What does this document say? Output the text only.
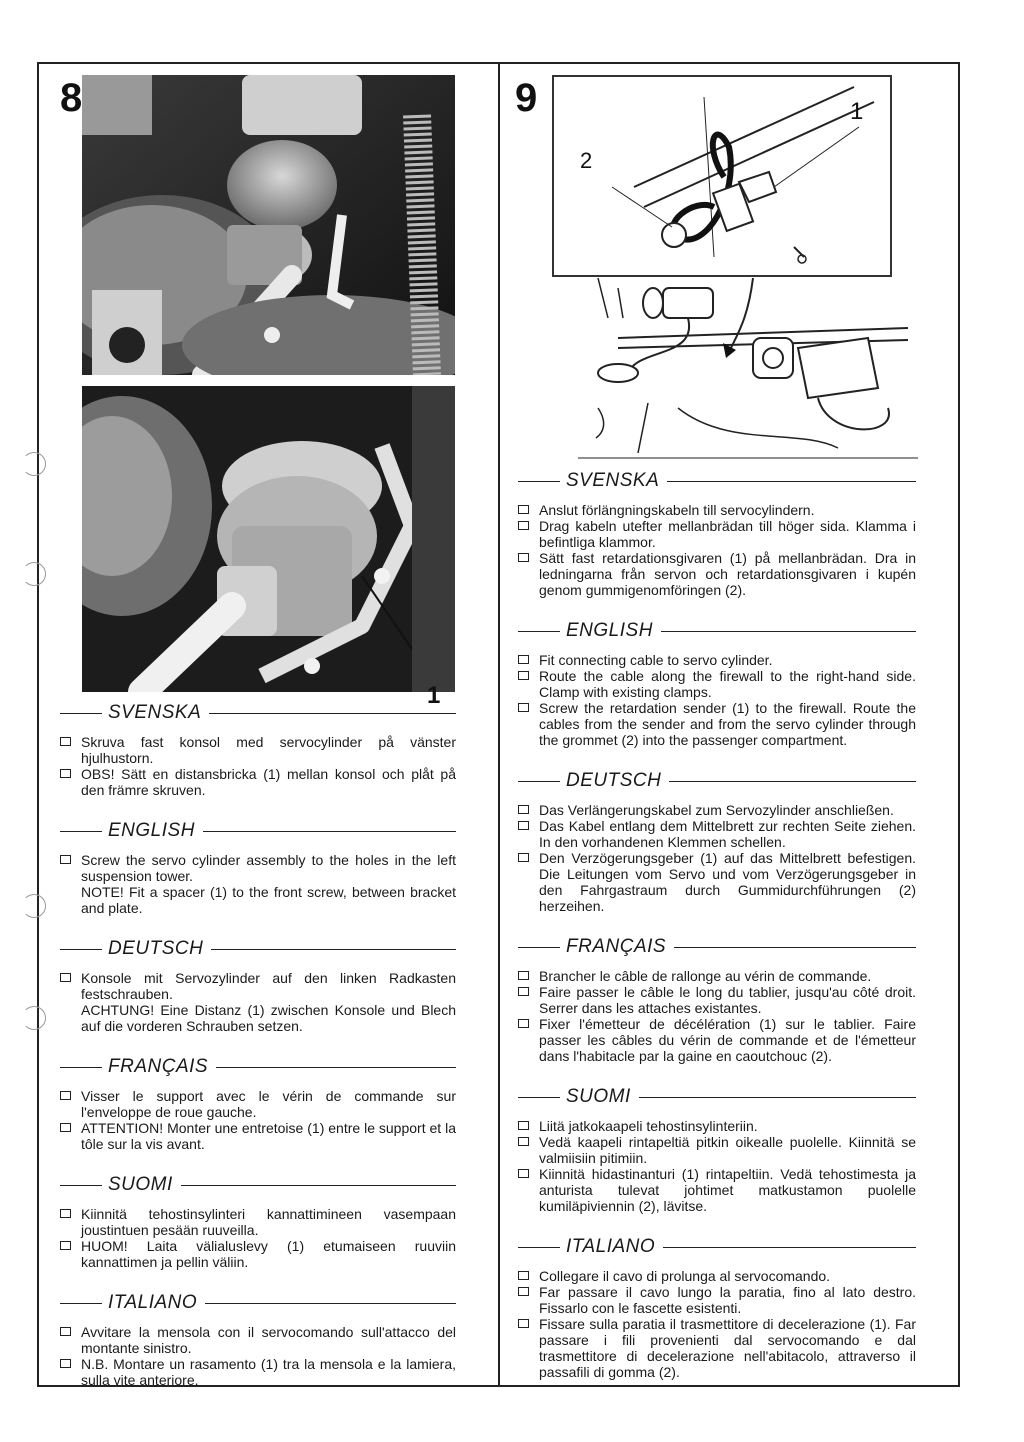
8	9
1
1
2
SVENSKA
Skruva fast konsol med servocylinder på vänster hjulhustorn.
OBS! Sätt en distansbricka (1) mellan konsol och plåt på den främre skruven.
ENGLISH
Screw the servo cylinder assembly to the holes in the left suspension tower.
NOTE! Fit a spacer (1) to the front screw, between bracket and plate.
DEUTSCH
Konsole mit Servozylinder auf den linken Radkasten festschrauben.
ACHTUNG! Eine Distanz (1) zwischen Konsole und Blech auf die vorderen Schrauben setzen.
FRANÇAIS
Visser le support avec le vérin de commande sur l'enveloppe de roue gauche.
ATTENTION! Monter une entretoise (1) entre le support et la tôle sur la vis avant.
SUOMI
Kiinnitä tehostinsylinteri kannattimineen vasempaan joustintuen pesään ruuveilla.
HUOM! Laita välialuslevy (1) etumaiseen ruuviin kannattimen ja pellin väliin.
ITALIANO
Avvitare la mensola con il servocomando sull'attacco del montante sinistro.
N.B. Montare un rasamento (1) tra la mensola e la lamiera, sulla vite anteriore.
SVENSKA
Anslut förlängningskabeln till servocylindern.
Drag kabeln utefter mellanbrädan till höger sida. Klamma i befintliga klammor.
Sätt fast retardationsgivaren (1) på mellanbrädan. Dra in ledningarna från servon och retardationsgivaren i kupén genom gummigenomföringen (2).
ENGLISH
Fit connecting cable to servo cylinder.
Route the cable along the firewall to the right-hand side. Clamp with existing clamps.
Screw the retardation sender (1) to the firewall. Route the cables from the sender and from the servo cylinder through the grommet (2) into the passenger compartment.
DEUTSCH
Das Verlängerungskabel zum Servozylinder anschließen.
Das Kabel entlang dem Mittelbrett zur rechten Seite ziehen. In den vorhandenen Klemmen schellen.
Den Verzögerungsgeber (1) auf das Mittelbrett befestigen. Die Leitungen vom Servo und vom Verzögerungsgeber in den Fahrgastraum durch Gummidurchführungen (2) herzeihen.
FRANÇAIS
Brancher le câble de rallonge au vérin de commande.
Faire passer le câble le long du tablier, jusqu'au côté droit. Serrer dans les attaches existantes.
Fixer l'émetteur de décélération (1) sur le tablier. Faire passer les câbles du vérin de commande et de l'émetteur dans l'habitacle par la gaine en caoutchouc (2).
SUOMI
Liitä jatkokaapeli tehostinsylinteriin.
Vedä kaapeli rintapeltiä pitkin oikealle puolelle. Kiinnitä se valmiisiin pitimiin.
Kiinnitä hidastinanturi (1) rintapeltiin. Vedä tehostimesta ja anturista tulevat johtimet matkustamon puolelle kumiläpiviennin (2), lävitse.
ITALIANO
Collegare il cavo di prolunga al servocomando.
Far passare il cavo lungo la paratia, fino al lato destro. Fissarlo con le fascette esistenti.
Fissare sulla paratia il trasmettitore di decelerazione (1). Far passare i fili provenienti dal servocomando e dal trasmettitore di decelerazione nell'abitacolo, attraverso il passafili di gomma (2).
